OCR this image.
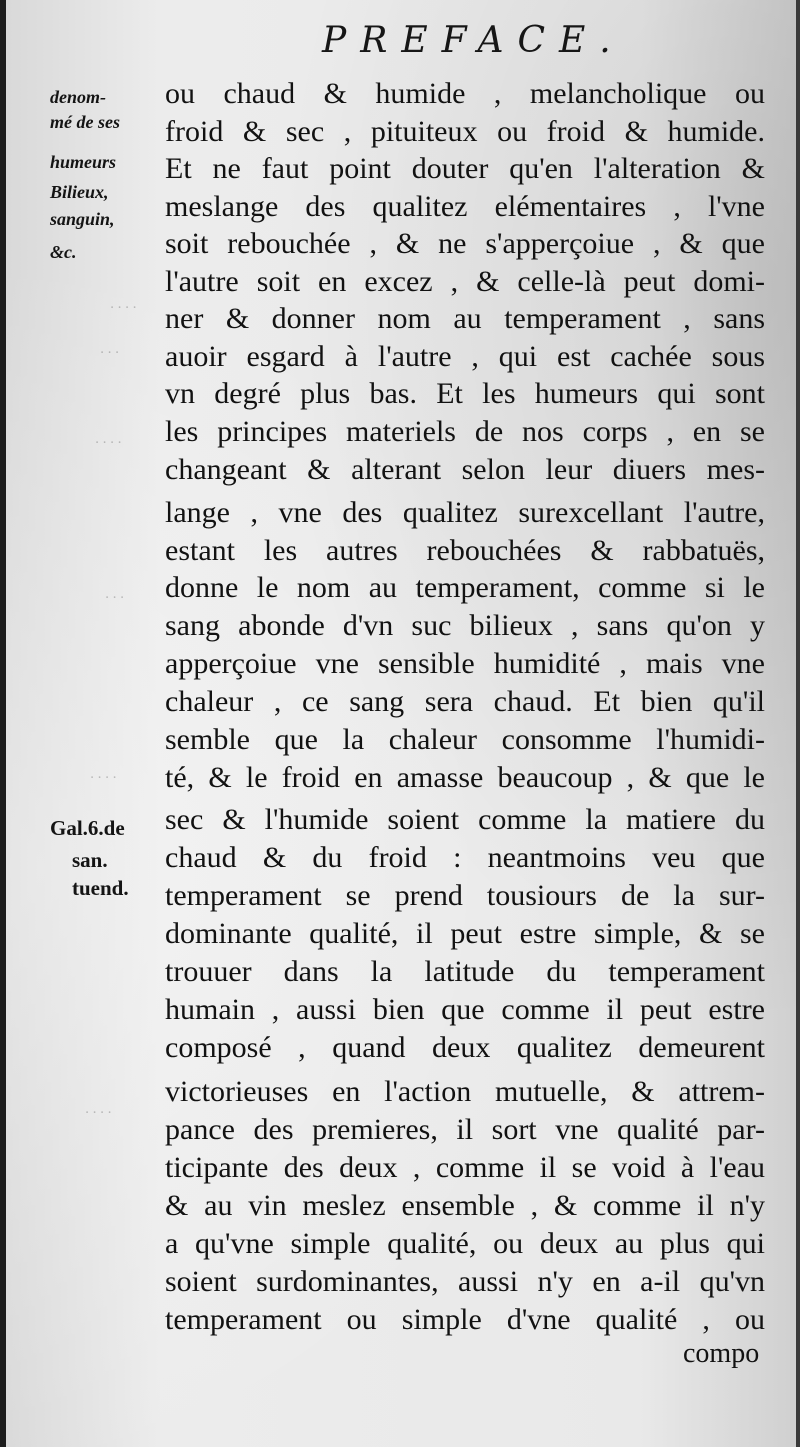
· · · ·
· · ·
· · · ·
· · ·
· · · ·
· · · ·
PREFACE.
denom-
mé de ses
humeurs
Bilieux,
sanguin,
&c.
Gal.6.de
san.
tuend.
ou chaud & humide , melancholique ou
froid & sec , pituiteux ou froid & humide.
Et ne faut point douter qu'en l'alteration &
meslange des qualitez elémentaires , l'vne
soit rebouchée , & ne s'apperçoiue , & que
l'autre soit en excez , & celle-là peut domi-
ner & donner nom au temperament , sans
auoir esgard à l'autre , qui est cachée sous
vn degré plus bas. Et les humeurs qui sont
les principes materiels de nos corps , en se
changeant & alterant selon leur diuers mes-
lange , vne des qualitez surexcellant l'autre,
estant les autres rebouchées & rabbatuës,
donne le nom au temperament, comme si le
sang abonde d'vn suc bilieux , sans qu'on y
apperçoiue vne sensible humidité , mais vne
chaleur , ce sang sera chaud. Et bien qu'il
semble que la chaleur consomme l'humidi-
té, & le froid en amasse beaucoup , & que le
sec & l'humide soient comme la matiere du
chaud & du froid : neantmoins veu que
temperament se prend tousiours de la sur-
dominante qualité, il peut estre simple, & se
trouuer dans la latitude du temperament
humain , aussi bien que comme il peut estre
composé , quand deux qualitez demeurent
victorieuses en l'action mutuelle, & attrem-
pance des premieres, il sort vne qualité par-
ticipante des deux , comme il se void à l'eau
& au vin meslez ensemble , & comme il n'y
a qu'vne simple qualité, ou deux au plus qui
soient surdominantes, aussi n'y en a-il qu'vn
temperament ou simple d'vne qualité , ou
compo
